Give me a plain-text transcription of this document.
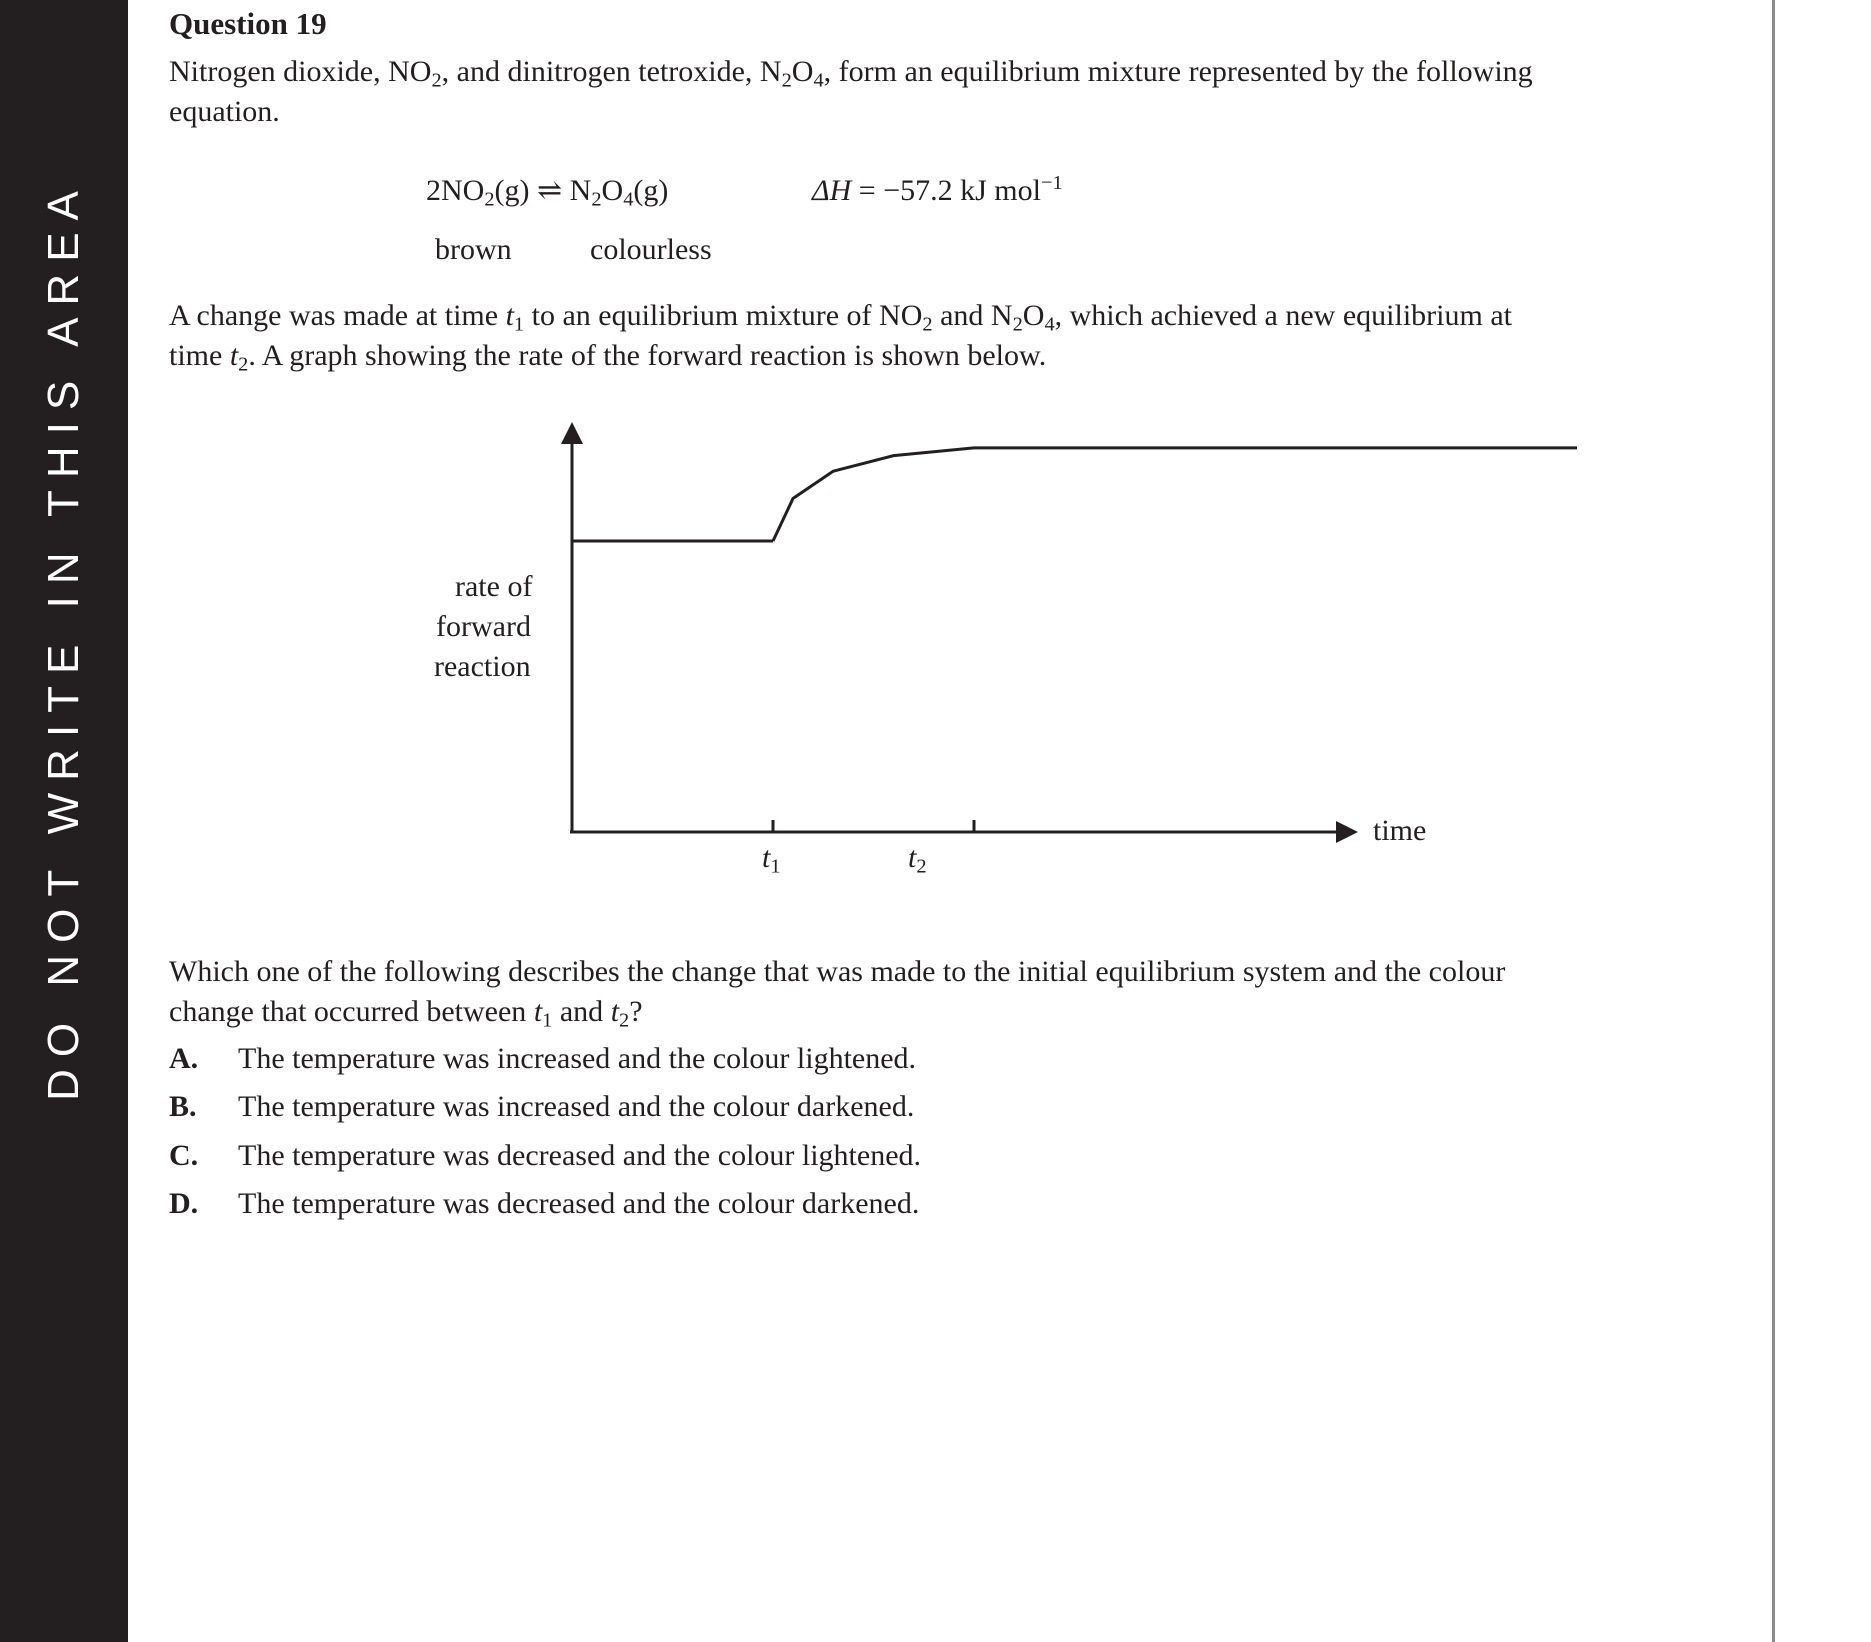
DO NOT WRITE IN THIS AREA
Question 19
Nitrogen dioxide, $NO_2$, and dinitrogen tetroxide, $N_2O_4$, form an equilibrium mixture represented by the following
equation.
$2NO_2(g)$ ⇌ $N_2O_4(g)$	ΔH = −57.2 kJ mol$^{-1}$
brown	colourless
A change was made at time $t_1$ to an equilibrium mixture of $NO_2$ and $N_2O_4$, which achieved a new equilibrium at
time $t_2$. A graph showing the rate of the forward reaction is shown below.
rate of
forward
reaction
time
$t_1$	$t_2$
Which one of the following describes the change that was made to the initial equilibrium system and the colour
change that occurred between $t_1$ and $t_2$?
A. The temperature was increased and the colour lightened.
B. The temperature was increased and the colour darkened.
C. The temperature was decreased and the colour lightened.
D. The temperature was decreased and the colour darkened.
